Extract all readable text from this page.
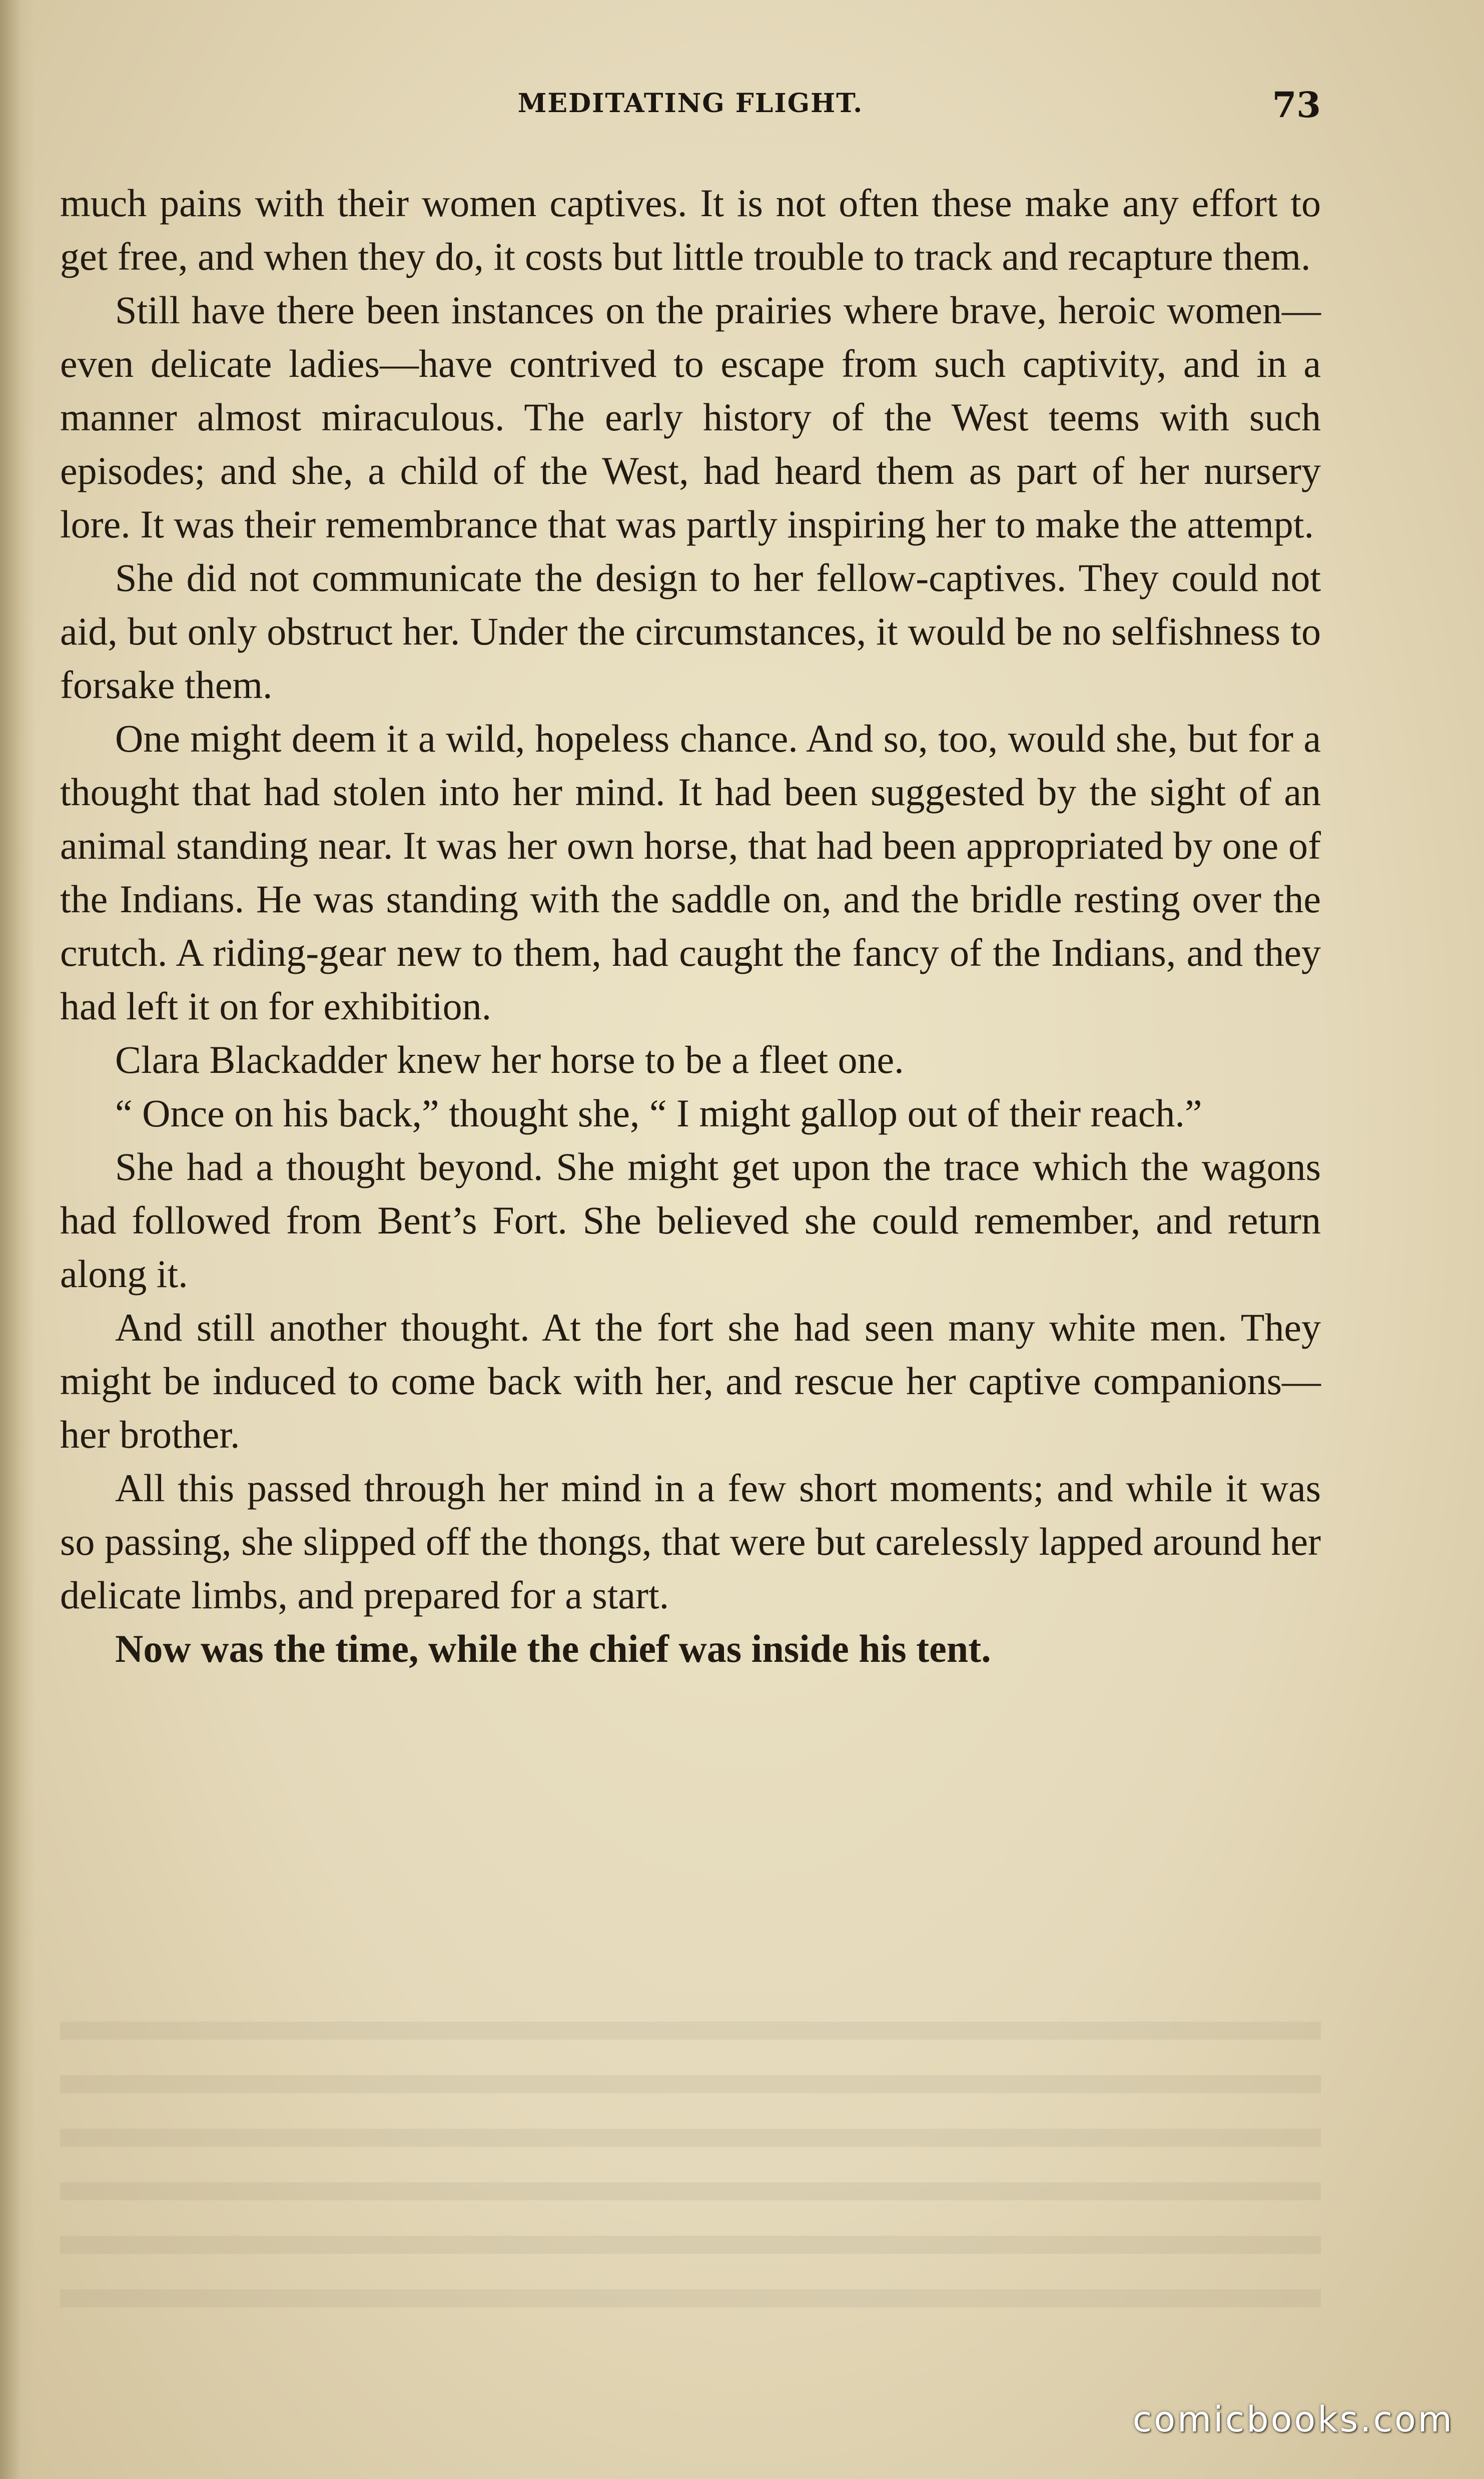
MEDITATING FLIGHT.	73

much pains with their women captives. It is not often these make any effort to get free, and when they do, it costs but little trouble to track and recapture them.

Still have there been instances on the prairies where brave, heroic women—even delicate ladies—have contrived to escape from such captivity, and in a manner almost miraculous. The early history of the West teems with such episodes; and she, a child of the West, had heard them as part of her nursery lore. It was their remembrance that was partly inspiring her to make the attempt.

She did not communicate the design to her fellow-captives. They could not aid, but only obstruct her. Under the circumstances, it would be no selfishness to forsake them.

One might deem it a wild, hopeless chance. And so, too, would she, but for a thought that had stolen into her mind. It had been suggested by the sight of an animal standing near. It was her own horse, that had been appropriated by one of the Indians. He was standing with the saddle on, and the bridle resting over the crutch. A riding-gear new to them, had caught the fancy of the Indians, and they had left it on for exhibition.

Clara Blackadder knew her horse to be a fleet one.

“ Once on his back,” thought she, “ I might gallop out of their reach.”

She had a thought beyond. She might get upon the trace which the wagons had followed from Bent’s Fort. She believed she could remember, and return along it.

And still another thought. At the fort she had seen many white men. They might be induced to come back with her, and rescue her captive companions—her brother.

All this passed through her mind in a few short moments; and while it was so passing, she slipped off the thongs, that were but carelessly lapped around her delicate limbs, and prepared for a start.

Now was the time, while the chief was inside his tent.

comicbooks.com
